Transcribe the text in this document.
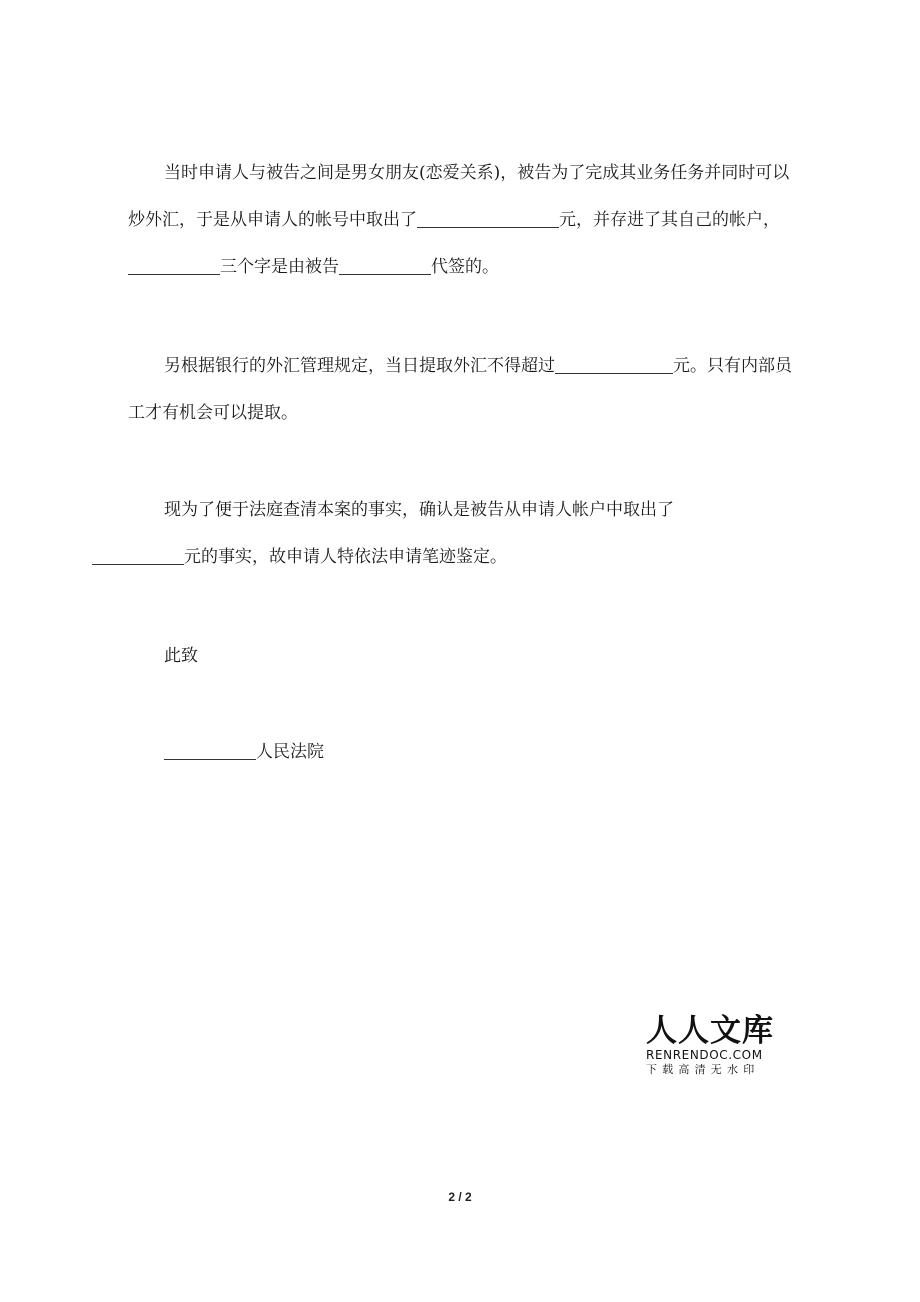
当时申请人与被告之间是男女朋友(恋爱关系)，被告为了完成其业务任务并同时可以炒外汇，于是从申请人的帐号中取出了	元，并存进了其自己的帐户，三个字是由被告	代签的。

另根据银行的外汇管理规定，当日提取外汇不得超过	元。只有内部员工才有机会可以提取。

现为了便于法庭查清本案的事实，确认是被告从申请人帐户中取出了
元的事实，故申请人特依法申请笔迹鉴定。

此致

人民法院

人人文库
RENRENDOC.COM
下载高清无水印
2 / 2
